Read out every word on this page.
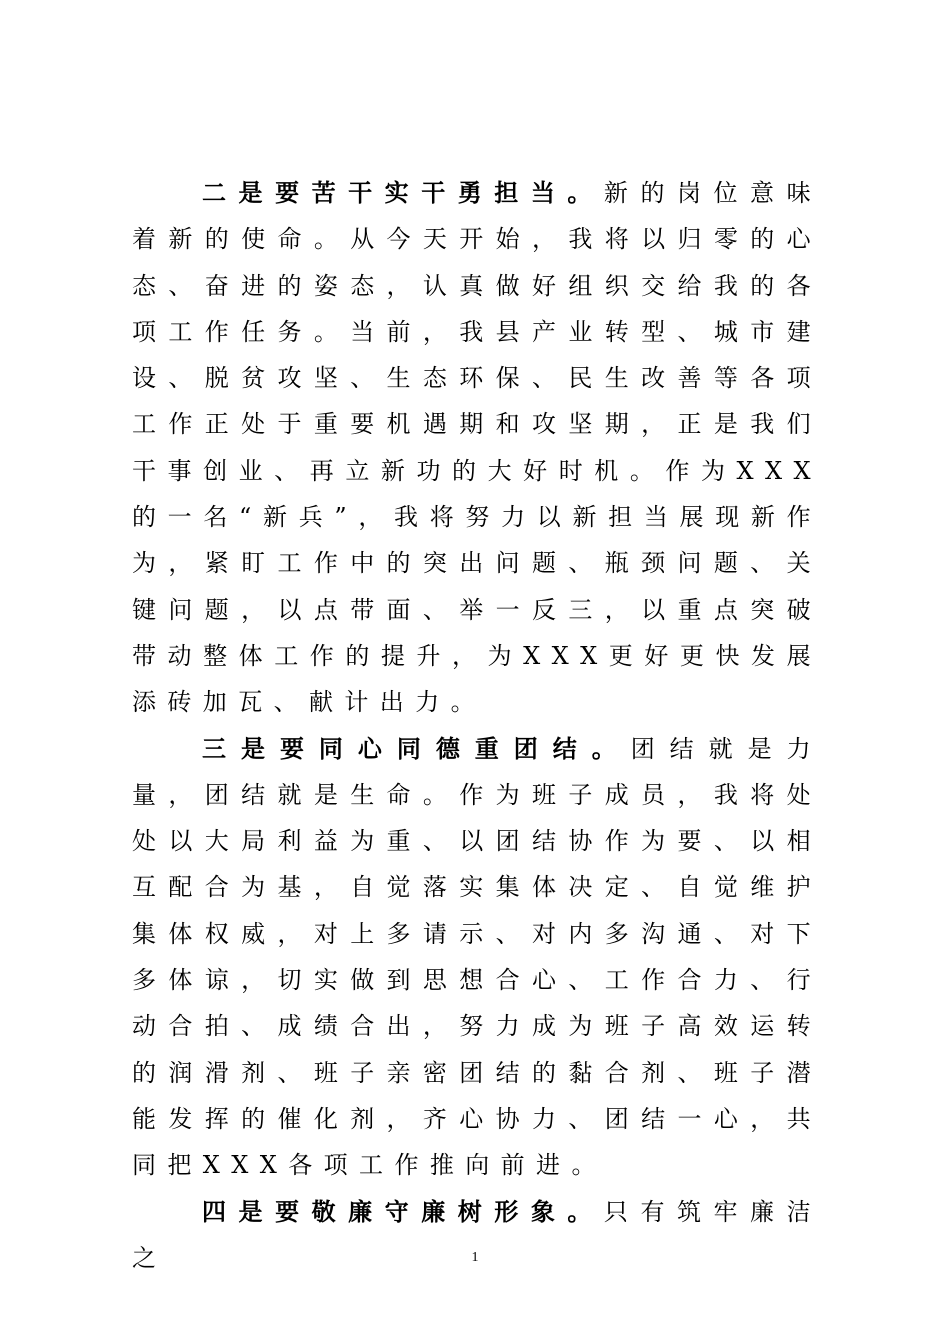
二是要苦干实干勇担当。新的岗位意味着新的使命。从今天开始，我将以归零的心态、奋进的姿态，认真做好组织交给我的各项工作任务。当前，我县产业转型、城市建设、脱贫攻坚、生态环保、民生改善等各项工作正处于重要机遇期和攻坚期，正是我们干事创业、再立新功的大好时机。作为XXX的一名“新兵”，我将努力以新担当展现新作为，紧盯工作中的突出问题、瓶颈问题、关键问题，以点带面、举一反三，以重点突破带动整体工作的提升，为XXX更好更快发展添砖加瓦、献计出力。

三是要同心同德重团结。团结就是力量，团结就是生命。作为班子成员，我将处处以大局利益为重、以团结协作为要、以相互配合为基，自觉落实集体决定、自觉维护集体权威，对上多请示、对内多沟通、对下多体谅，切实做到思想合心、工作合力、行动合拍、成绩合出，努力成为班子高效运转的润滑剂、班子亲密团结的黏合剂、班子潜能发挥的催化剂，齐心协力、团结一心，共同把XXX各项工作推向前进。

四是要敬廉守廉树形象。只有筑牢廉洁之	1
